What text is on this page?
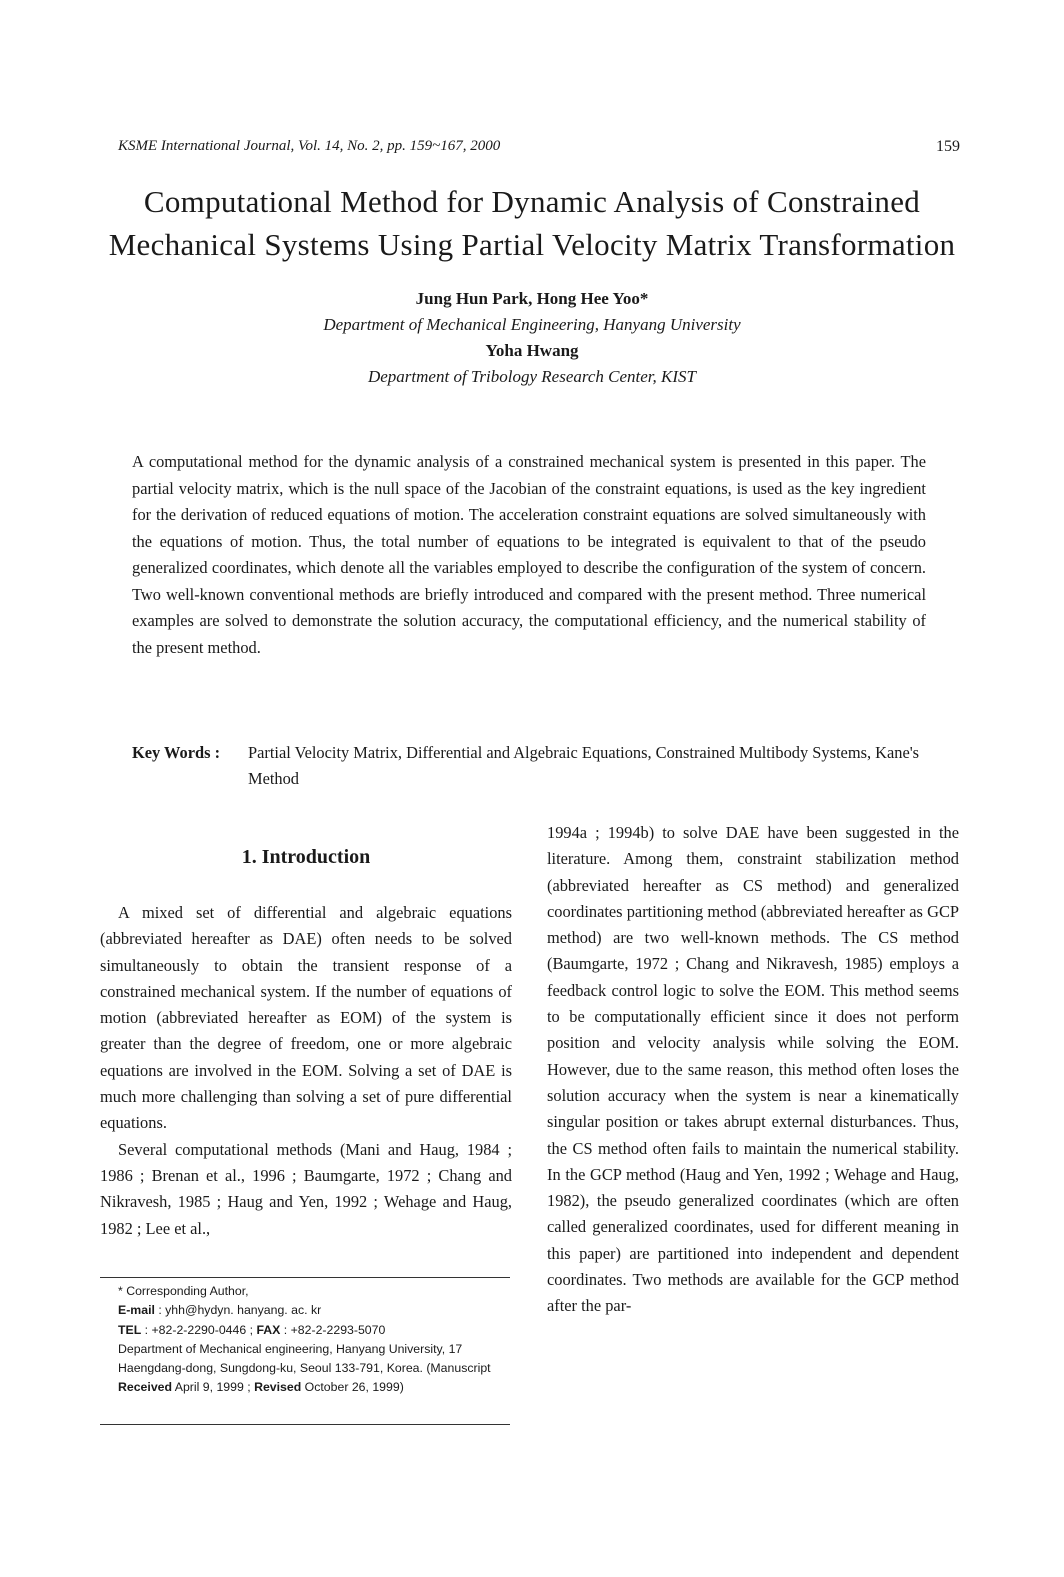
KSME International Journal, Vol. 14, No. 2, pp. 159~167, 2000	159
Computational Method for Dynamic Analysis of Constrained
Mechanical Systems Using Partial Velocity Matrix Transformation
Jung Hun Park, Hong Hee Yoo*
Department of Mechanical Engineering, Hanyang University
Yoha Hwang
Department of Tribology Research Center, KIST
A computational method for the dynamic analysis of a constrained mechanical system is presented in this paper. The partial velocity matrix, which is the null space of the Jacobian of the constraint equations, is used as the key ingredient for the derivation of reduced equations of motion. The acceleration constraint equations are solved simultaneously with the equations of motion. Thus, the total number of equations to be integrated is equivalent to that of the pseudo generalized coordinates, which denote all the variables employed to describe the configuration of the system of concern. Two well-known conventional methods are briefly introduced and compared with the present method. Three numerical examples are solved to demonstrate the solution accuracy, the computational efficiency, and the numerical stability of the present method.
Key Words : Partial Velocity Matrix, Differential and Algebraic Equations, Constrained Multibody Systems, Kane's Method
1. Introduction

A mixed set of differential and algebraic equations (abbreviated hereafter as DAE) often needs to be solved simultaneously to obtain the transient response of a constrained mechanical system. If the number of equations of motion (abbreviated hereafter as EOM) of the system is greater than the degree of freedom, one or more algebraic equations are involved in the EOM. Solving a set of DAE is much more challenging than solving a set of pure differential equations.

Several computational methods (Mani and Haug, 1984 ; 1986 ; Brenan et al., 1996 ; Baumgarte, 1972 ; Chang and Nikravesh, 1985 ; Haug and Yen, 1992 ; Wehage and Haug, 1982 ; Lee et al.,

1994a ; 1994b) to solve DAE have been suggested in the literature. Among them, constraint stabilization method (abbreviated hereafter as CS method) and generalized coordinates partitioning method (abbreviated hereafter as GCP method) are two well-known methods. The CS method (Baumgarte, 1972 ; Chang and Nikravesh, 1985) employs a feedback control logic to solve the EOM. This method seems to be computationally efficient since it does not perform position and velocity analysis while solving the EOM. However, due to the same reason, this method often loses the solution accuracy when the system is near a kinematically singular position or takes abrupt external disturbances. Thus, the CS method often fails to maintain the numerical stability. In the GCP method (Haug and Yen, 1992 ; Wehage and Haug, 1982), the pseudo generalized coordinates (which are often called generalized coordinates, used for different meaning in this paper) are partitioned into independent and dependent coordinates. Two methods are available for the GCP method after the par-
* Corresponding Author,
E-mail : yhh@hydyn. hanyang. ac. kr
TEL : +82-2-2290-0446 ; FAX : +82-2-2293-5070
Department of Mechanical engineering, Hanyang University, 17 Haengdang-dong, Sungdong-ku, Seoul 133-791, Korea. (Manuscript Received April 9, 1999 ; Revised October 26, 1999)
